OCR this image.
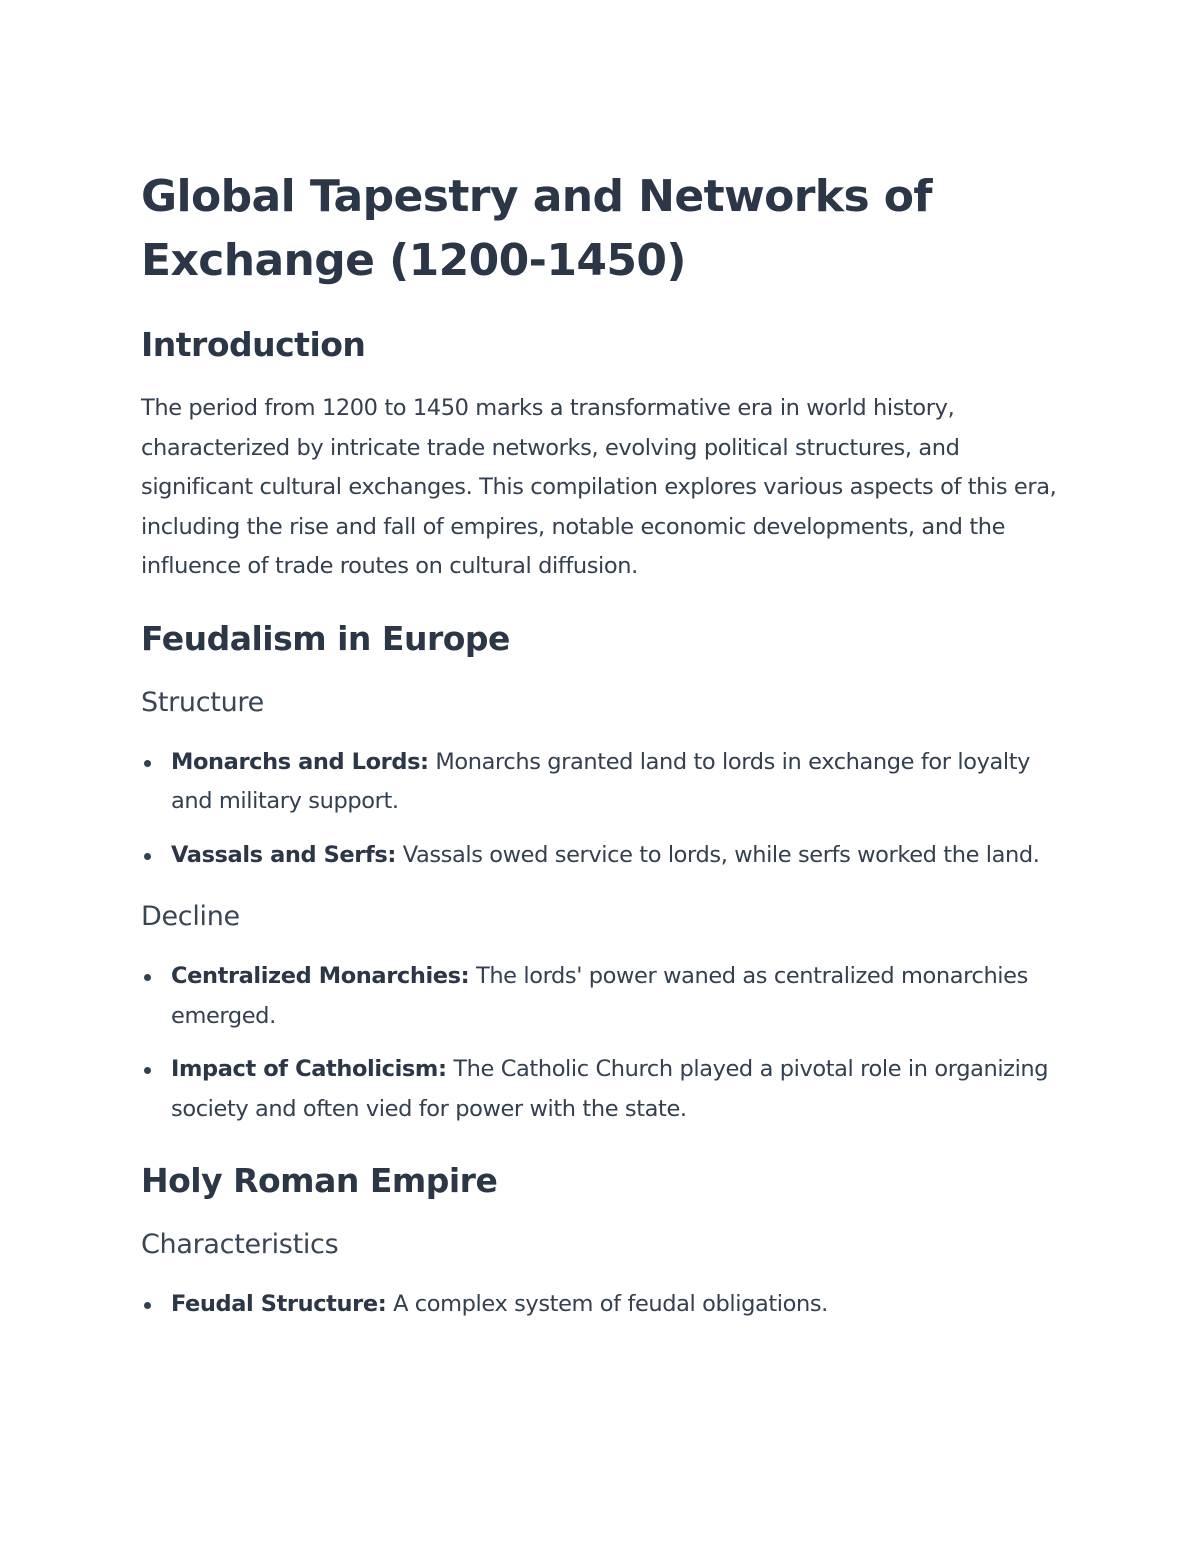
Global Tapestry and Networks of Exchange (1200-1450)
Introduction

The period from 1200 to 1450 marks a transformative era in world history, characterized by intricate trade networks, evolving political structures, and significant cultural exchanges. This compilation explores various aspects of this era, including the rise and fall of empires, notable economic developments, and the influence of trade routes on cultural diffusion.

Feudalism in Europe
Structure
Monarchs and Lords: Monarchs granted land to lords in exchange for loyalty and military support.
Vassals and Serfs: Vassals owed service to lords, while serfs worked the land.
Decline
Centralized Monarchies: The lords' power waned as centralized monarchies emerged.
Impact of Catholicism: The Catholic Church played a pivotal role in organizing society and often vied for power with the state.
Holy Roman Empire
Characteristics
Feudal Structure: A complex system of feudal obligations.
